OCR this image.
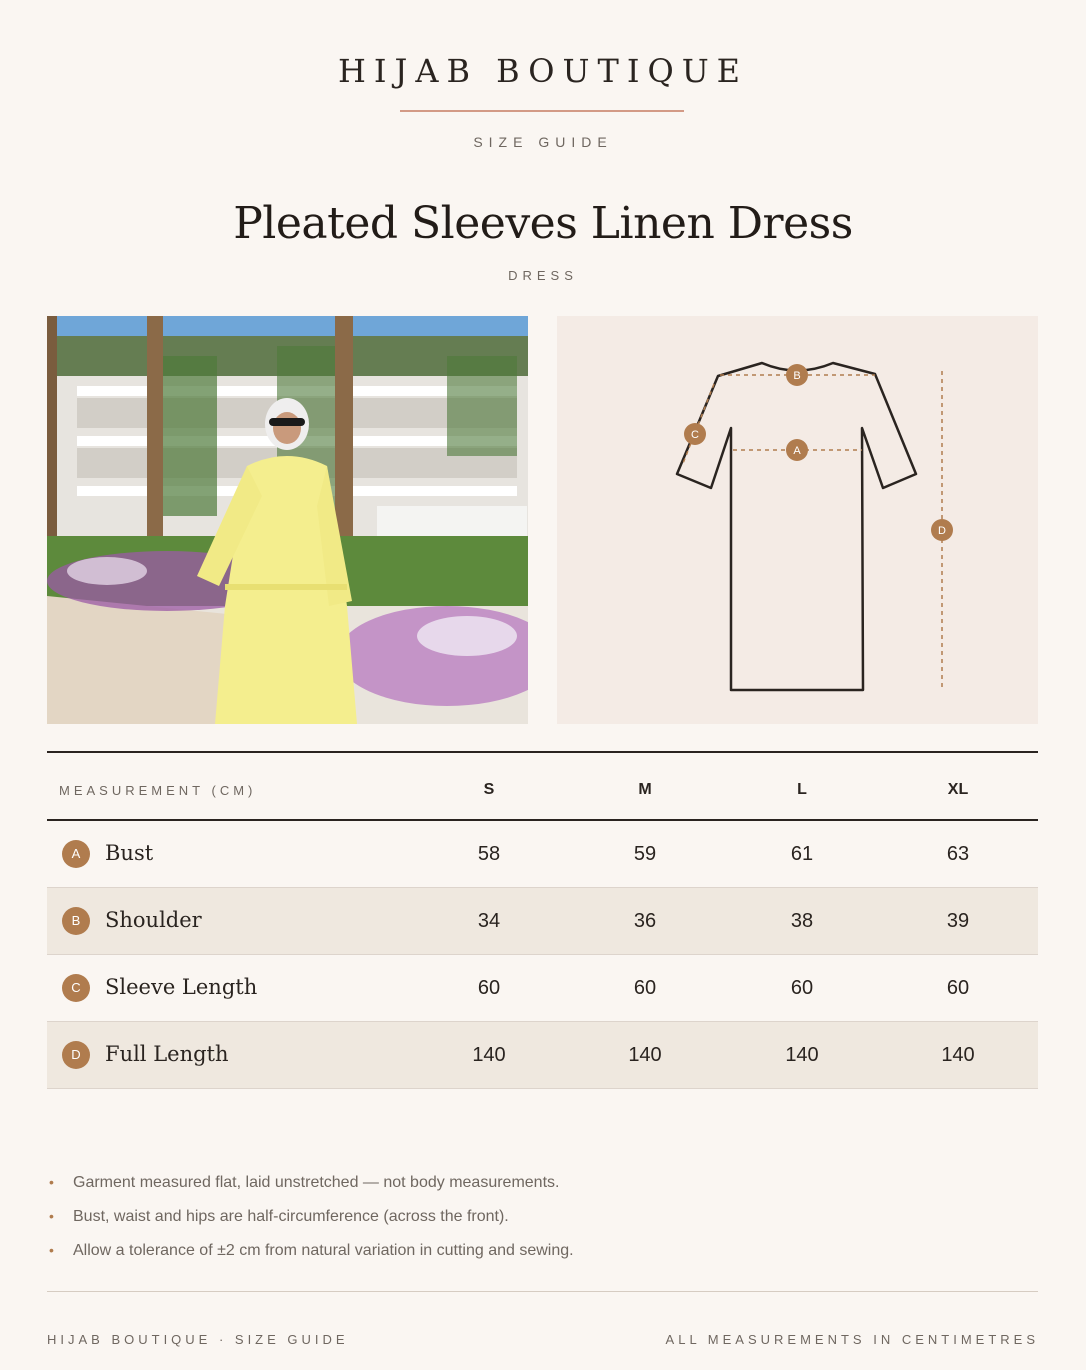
HIJAB BOUTIQUE
SIZE GUIDE
Pleated Sleeves Linen Dress
DRESS
B
A
C
D
MEASUREMENT (CM)	S	M	L	XL
A	Bust	58	59	61	63
B	Shoulder	34	36	38	39
C	Sleeve Length	60	60	60	60
D	Full Length	140	140	140	140
• Garment measured flat, laid unstretched — not body measurements.
• Bust, waist and hips are half-circumference (across the front).
• Allow a tolerance of ±2 cm from natural variation in cutting and sewing.
HIJAB BOUTIQUE · SIZE GUIDE	ALL MEASUREMENTS IN CENTIMETRES
